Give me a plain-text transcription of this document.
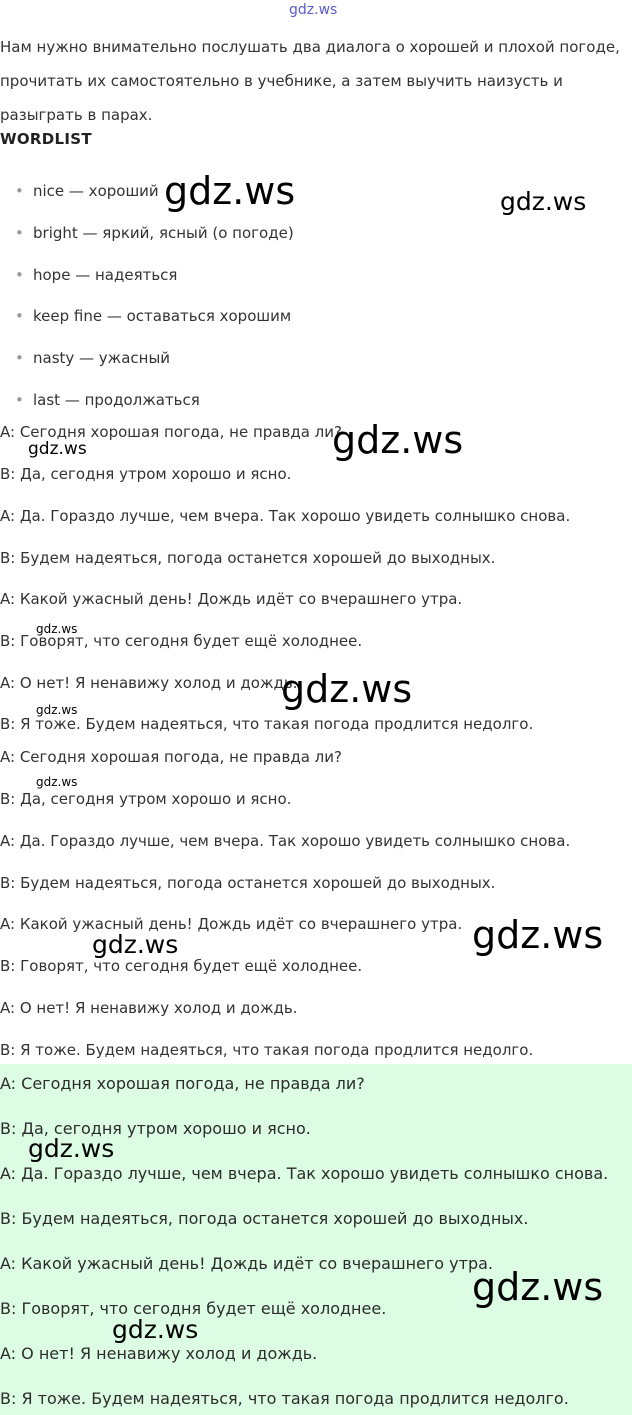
gdz.ws

Нам нужно внимательно послушать два диалога о хорошей и плохой погоде, прочитать их самостоятельно в учебнике, а затем выучить наизусть и разыграть в парах.

WORDLIST
• nice — хороший
• bright — яркий, ясный (о погоде)
• hope — надеяться
• keep fine — оставаться хорошим
• nasty — ужасный
• last — продолжаться
A: Сегодня хорошая погода, не правда ли?
B: Да, сегодня утром хорошо и ясно.
A: Да. Гораздо лучше, чем вчера. Так хорошо увидеть солнышко снова.
B: Будем надеяться, погода останется хорошей до выходных.
A: Какой ужасный день! Дождь идёт со вчерашнего утра.
B: Говорят, что сегодня будет ещё холоднее.
A: О нет! Я ненавижу холод и дождь.
B: Я тоже. Будем надеяться, что такая погода продлится недолго.
A: Сегодня хорошая погода, не правда ли?
B: Да, сегодня утром хорошо и ясно.
A: Да. Гораздо лучше, чем вчера. Так хорошо увидеть солнышко снова.
B: Будем надеяться, погода останется хорошей до выходных.
A: Какой ужасный день! Дождь идёт со вчерашнего утра.
B: Говорят, что сегодня будет ещё холоднее.
A: О нет! Я ненавижу холод и дождь.
B: Я тоже. Будем надеяться, что такая погода продлится недолго.
A: Сегодня хорошая погода, не правда ли?
B: Да, сегодня утром хорошо и ясно.
A: Да. Гораздо лучше, чем вчера. Так хорошо увидеть солнышко снова.
B: Будем надеяться, погода останется хорошей до выходных.
A: Какой ужасный день! Дождь идёт со вчерашнего утра.
B: Говорят, что сегодня будет ещё холоднее.
A: О нет! Я ненавижу холод и дождь.
B: Я тоже. Будем надеяться, что такая погода продлится недолго.
gdz.ws	gdz.ws
gdz.ws
gdz.ws
gdz.ws
gdz.ws
gdz.ws
gdz.ws
gdz.ws
gdz.ws
gdz.ws
gdz.ws
gdz.ws
